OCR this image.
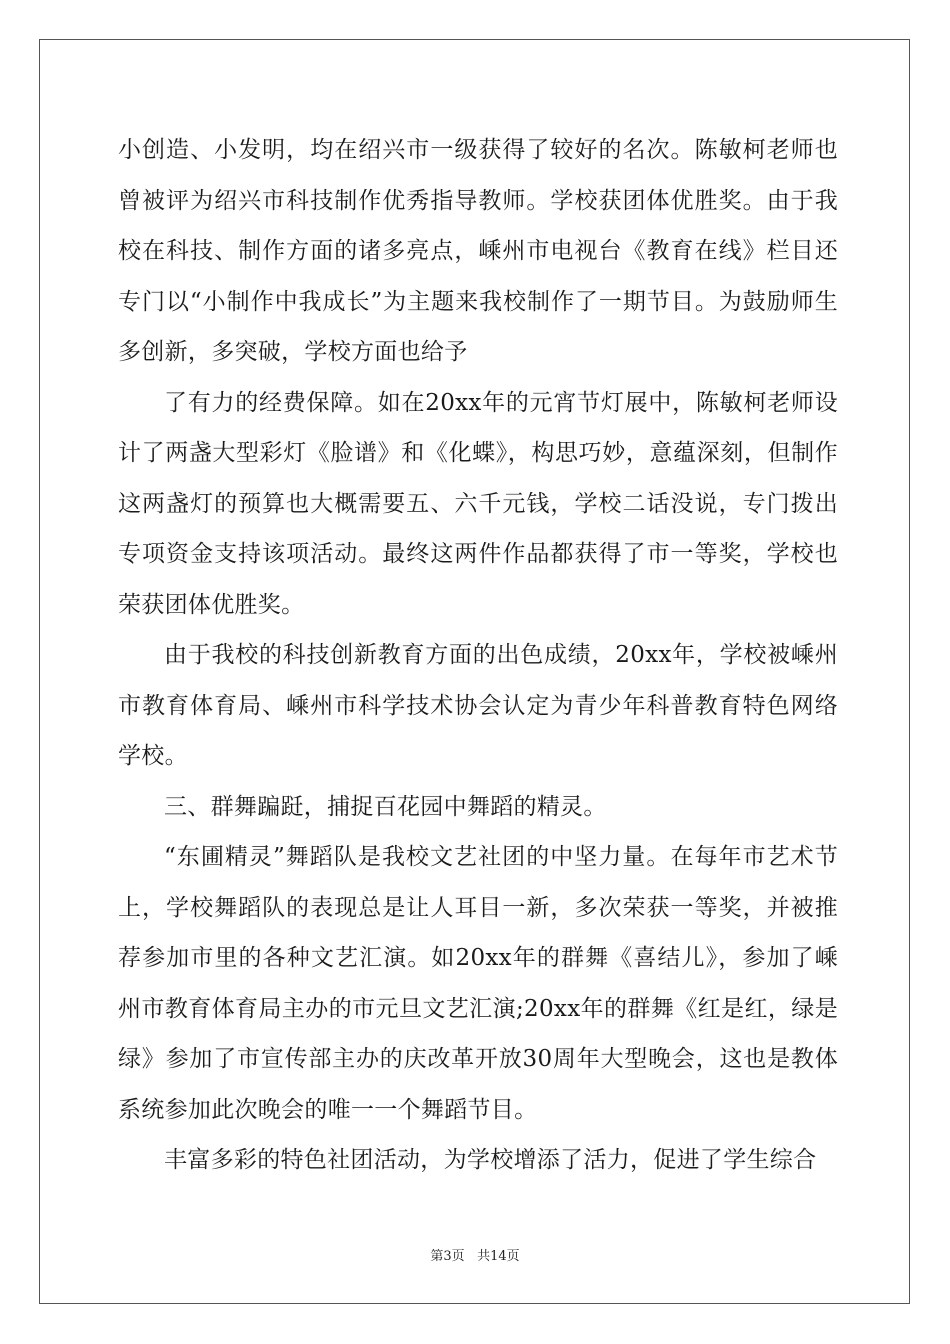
小创造、小发明，均在绍兴市一级获得了较好的名次。陈敏柯老师也曾被评为绍兴市科技制作优秀指导教师。学校获团体优胜奖。由于我校在科技、制作方面的诸多亮点，嵊州市电视台《教育在线》栏目还专门以“小制作中我成长”为主题来我校制作了一期节目。为鼓励师生多创新，多突破，学校方面也给予

了有力的经费保障。如在20xx年的元宵节灯展中，陈敏柯老师设计了两盏大型彩灯《脸谱》和《化蝶》，构思巧妙，意蕴深刻，但制作这两盏灯的预算也大概需要五、六千元钱，学校二话没说，专门拨出专项资金支持该项活动。最终这两件作品都获得了市一等奖，学校也荣获团体优胜奖。

由于我校的科技创新教育方面的出色成绩，20xx年，学校被嵊州市教育体育局、嵊州市科学技术协会认定为青少年科普教育特色网络学校。

三、群舞蹁跹，捕捉百花园中舞蹈的精灵。

“东圃精灵”舞蹈队是我校文艺社团的中坚力量。在每年市艺术节上，学校舞蹈队的表现总是让人耳目一新，多次荣获一等奖，并被推荐参加市里的各种文艺汇演。如20xx年的群舞《喜结儿》，参加了嵊州市教育体育局主办的市元旦文艺汇演;20xx年的群舞《红是红，绿是绿》参加了市宣传部主办的庆改革开放30周年大型晚会，这也是教体系统参加此次晚会的唯一一个舞蹈节目。

丰富多彩的特色社团活动，为学校增添了活力，促进了学生综合

第3页 共14页
